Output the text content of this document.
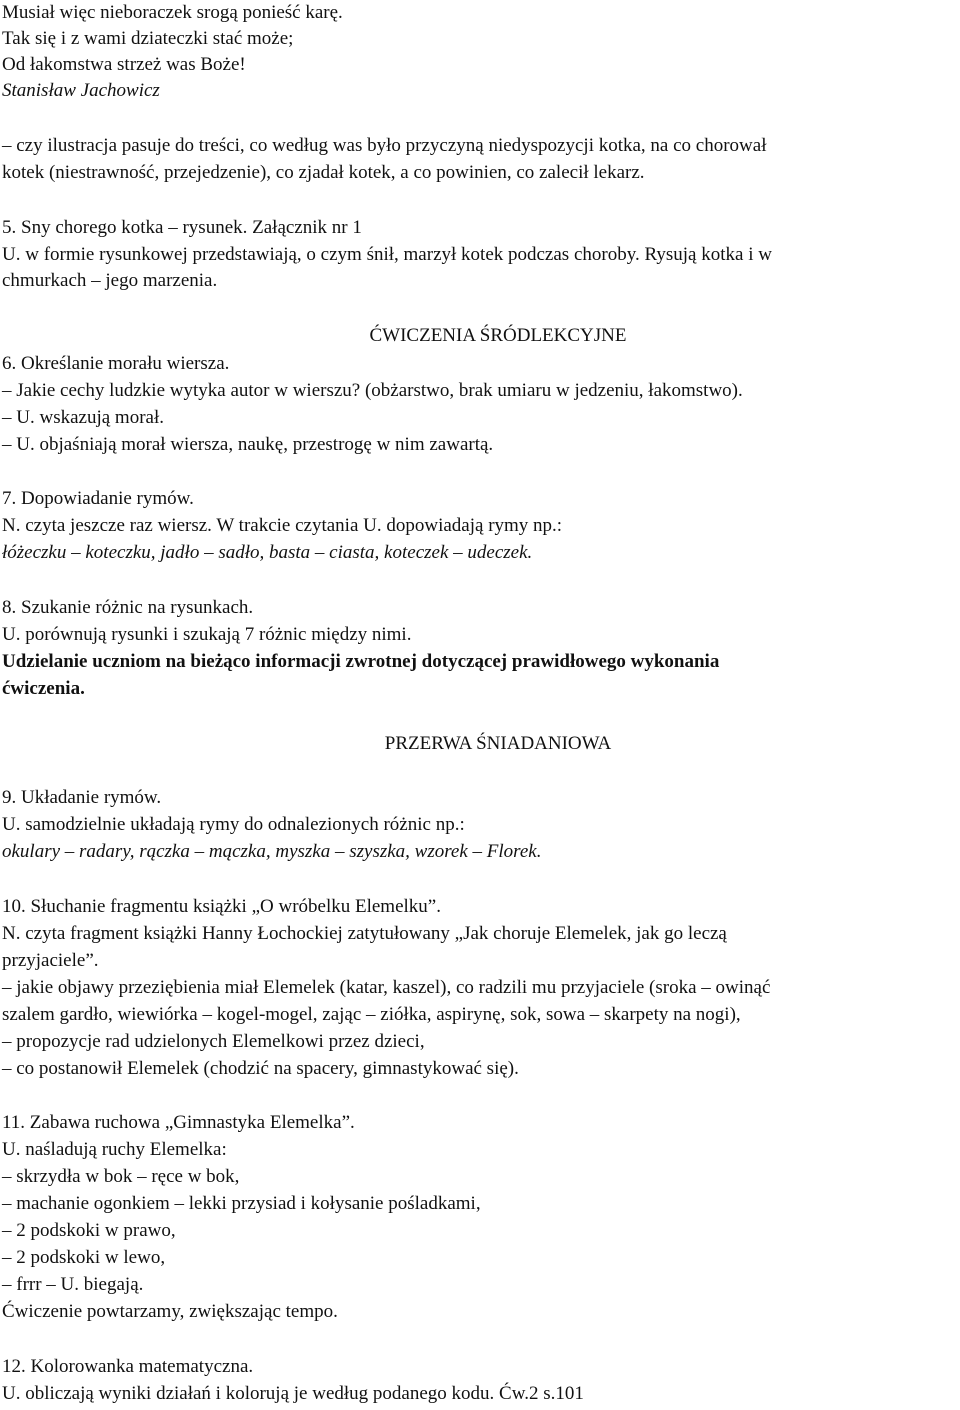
Musiał więc nieboraczek srogą ponieść karę.
Tak się i z wami dziateczki stać może;
Od łakomstwa strzeż was Boże!
Stanisław Jachowicz
– czy ilustracja pasuje do treści, co według was było przyczyną niedyspozycji kotka, na co chorował
kotek (niestrawność, przejedzenie), co zjadał kotek, a co powinien, co zalecił lekarz.
5. Sny chorego kotka – rysunek. Załącznik nr 1
U. w formie rysunkowej przedstawiają, o czym śnił, marzył kotek podczas choroby. Rysują kotka i w
chmurkach – jego marzenia.
ĆWICZENIA ŚRÓDLEKCYJNE
6. Określanie morału wiersza.
– Jakie cechy ludzkie wytyka autor w wierszu? (obżarstwo, brak umiaru w jedzeniu, łakomstwo).
– U. wskazują morał.
– U. objaśniają morał wiersza, naukę, przestrogę w nim zawartą.
7. Dopowiadanie rymów.
N. czyta jeszcze raz wiersz. W trakcie czytania U. dopowiadają rymy np.:
łóżeczku – koteczku, jadło – sadło, basta – ciasta, koteczek – udeczek.
8. Szukanie różnic na rysunkach.
U. porównują rysunki i szukają 7 różnic między nimi.
Udzielanie uczniom na bieżąco informacji zwrotnej dotyczącej prawidłowego wykonania
ćwiczenia.
PRZERWA ŚNIADANIOWA
9. Układanie rymów.
U. samodzielnie układają rymy do odnalezionych różnic np.:
okulary – radary, rączka – mączka, myszka – szyszka, wzorek – Florek.
10. Słuchanie fragmentu książki „O wróbelku Elemelku”.
N. czyta fragment książki Hanny Łochockiej zatytułowany „Jak choruje Elemelek, jak go leczą
przyjaciele”.
– jakie objawy przeziębienia miał Elemelek (katar, kaszel), co radzili mu przyjaciele (sroka – owinąć
szalem gardło, wiewiórka – kogel-mogel, zając – ziółka, aspirynę, sok, sowa – skarpety na nogi),
– propozycje rad udzielonych Elemelkowi przez dzieci,
– co postanowił Elemelek (chodzić na spacery, gimnastykować się).
11. Zabawa ruchowa „Gimnastyka Elemelka”.
U. naśladują ruchy Elemelka:
– skrzydła w bok – ręce w bok,
– machanie ogonkiem – lekki przysiad i kołysanie pośladkami,
– 2 podskoki w prawo,
– 2 podskoki w lewo,
– frrr – U. biegają.
Ćwiczenie powtarzamy, zwiększając tempo.
12. Kolorowanka matematyczna.
U. obliczają wyniki działań i kolorują je według podanego kodu. Ćw.2 s.101
